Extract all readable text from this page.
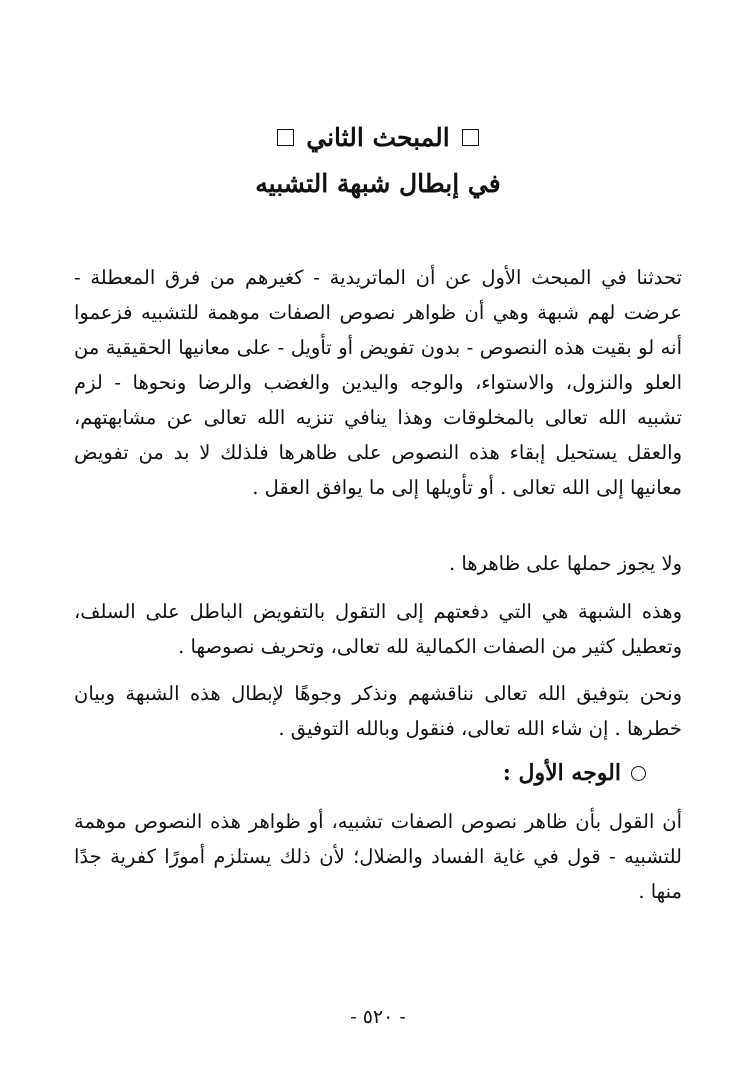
المبحث الثاني
في إبطال شبهة التشبيه

تحدثنا في المبحث الأول عن أن الماتريدية - كغيرهم من فرق المعطلة - عرضت لهم شبهة وهي أن ظواهر نصوص الصفات موهمة للتشبيه فزعموا أنه لو بقيت هذه النصوص - بدون تفويض أو تأويل - على معانيها الحقيقية من العلو والنزول، والاستواء، والوجه واليدين والغضب والرضا ونحوها - لزم تشبيه الله تعالى بالمخلوقات وهذا ينافي تنزيه الله تعالى عن مشابهتهم، والعقل يستحيل إبقاء هذه النصوص على ظاهرها فلذلك لا بد من تفويض معانيها إلى الله تعالى . أو تأويلها إلى ما يوافق العقل .

ولا يجوز حملها على ظاهرها .

وهذه الشبهة هي التي دفعتهم إلى التقول بالتفويض الباطل على السلف، وتعطيل كثير من الصفات الكمالية لله تعالى، وتحريف نصوصها .

ونحن بتوفيق الله تعالى نناقشهم ونذكر وجوهًا لإبطال هذه الشبهة وبيان خطرها . إن شاء الله تعالى، فنقول وبالله التوفيق .

الوجه الأول :

أن القول بأن ظاهر نصوص الصفات تشبيه، أو ظواهر هذه النصوص موهمة للتشبيه - قول في غاية الفساد والضلال؛ لأن ذلك يستلزم أمورًا كفرية جدًا منها .

- ٥٢٠ -
